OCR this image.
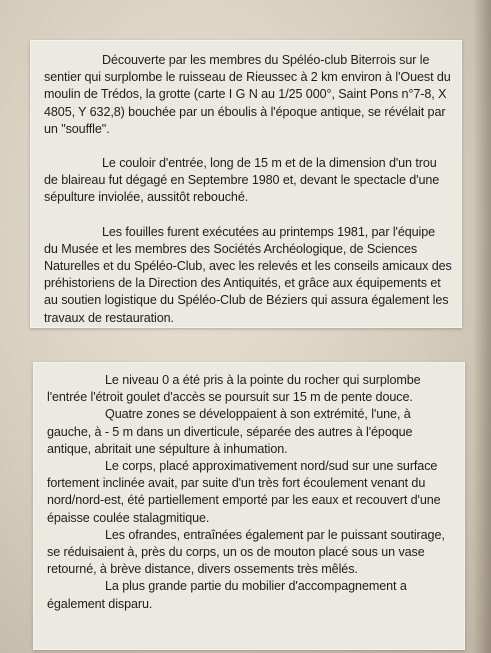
Découverte par les membres du Spéléo-club Biterrois sur le sentier qui surplombe le ruisseau de Rieussec à 2 km environ à l'Ouest du moulin de Trédos, la grotte (carte I G N au 1/25 000°, Saint Pons n°7-8, X 4805, Y 632,8) bouchée par un éboulis à l'époque antique, se révélait par un "souffle".

Le couloir d'entrée, long de 15 m et de la dimension d'un trou de blaireau fut dégagé en Septembre 1980 et, devant le spectacle d'une sépulture inviolée, aussitôt rebouché.

Les fouilles furent exécutées au printemps 1981, par l'équipe du Musée et les membres des Sociétés Archéologique, de Sciences Naturelles et du Spéléo-Club, avec les relevés et les conseils amicaux des préhistoriens de la Direction des Antiquités, et grâce aux équipements et au soutien logistique du Spéléo-Club de Béziers qui assura également les travaux de restauration.

Le niveau 0 a été pris à la pointe du rocher qui surplombe l'entrée l'étroit goulet d'accès se poursuit sur 15 m de pente douce.

Quatre zones se développaient à son extrémité, l'une, à gauche, à - 5 m dans un diverticule, séparée des autres à l'époque antique, abritait une sépulture à inhumation.

Le corps, placé approximativement nord/sud sur une surface fortement inclinée avait, par suite d'un très fort écoulement venant du nord/nord-est, été partiellement emporté par les eaux et recouvert d'une épaisse coulée stalagmitique.

Les ofrandes, entraînées également par le puissant soutirage, se réduisaient à, près du corps, un os de mouton placé sous un vase retourné, à brève distance, divers ossements très mêlés.

La plus grande partie du mobilier d'accompagnement a également disparu.
